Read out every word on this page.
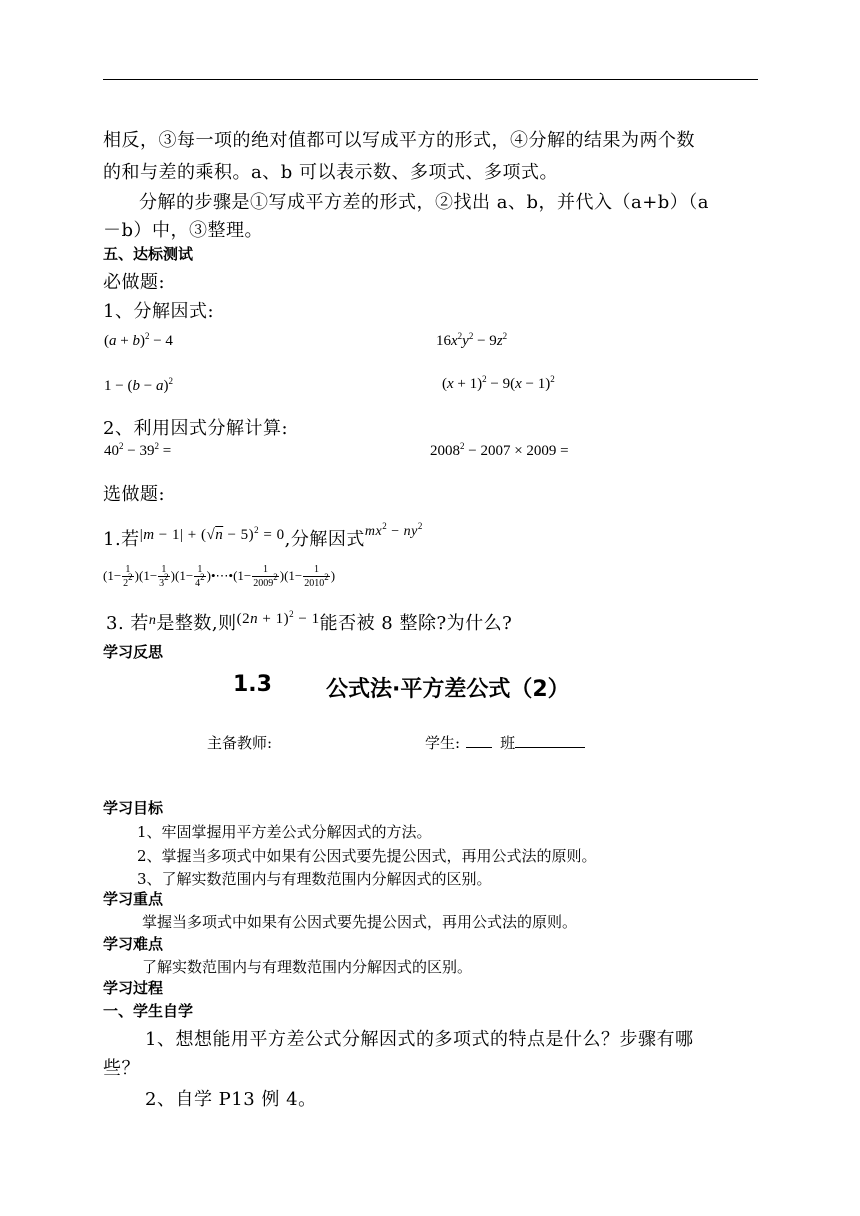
相反，③每一项的绝对值都可以写成平方的形式，④分解的结果为两个数
的和与差的乘积。a、b 可以表示数、多项式、多项式。
分解的步骤是①写成平方差的形式，②找出 a、b，并代入（a+b）（a
－b）中，③整理。
五、达标测试
必做题:
1、分解因式:
$(a + b)^2 - 4$	$16x^2y^2 - 9z^2$
$1 - (b - a)^2$	$(x + 1)^2 - 9(x - 1)^2$
2、利用因式分解计算:
$40^2 - 39^2$ =	$2008^2 - 2007 \times 2009$ =
选做题:
1.若$^{|m - 1| + (√n - 5)^2 = 0}$,分解因式$^{mx^2 - ny^2}$
$(1- \frac{1}{2^2} )(1- \frac{1}{3^2} )(1- \frac{1}{4^2}$ )•⋯•(1− $\frac{1}{2009^2} )(1- \frac{1}{2010^2}$ )
3. 若$^n$是整数,则$^{(2n + 1)^2 - 1}$能否被 8 整除?为什么?
学习反思
1.3 公式法·平方差公式（2）
主备教师:	学生:	班
学习目标
1、牢固掌握用平方差公式分解因式的方法。
2、掌握当多项式中如果有公因式要先提公因式，再用公式法的原则。
3、了解实数范围内与有理数范围内分解因式的区别。
学习重点
掌握当多项式中如果有公因式要先提公因式，再用公式法的原则。
学习难点
了解实数范围内与有理数范围内分解因式的区别。
学习过程
一、学生自学
1、想想能用平方差公式分解因式的多项式的特点是什么？步骤有哪
些？
2、自学 P13 例 4。
